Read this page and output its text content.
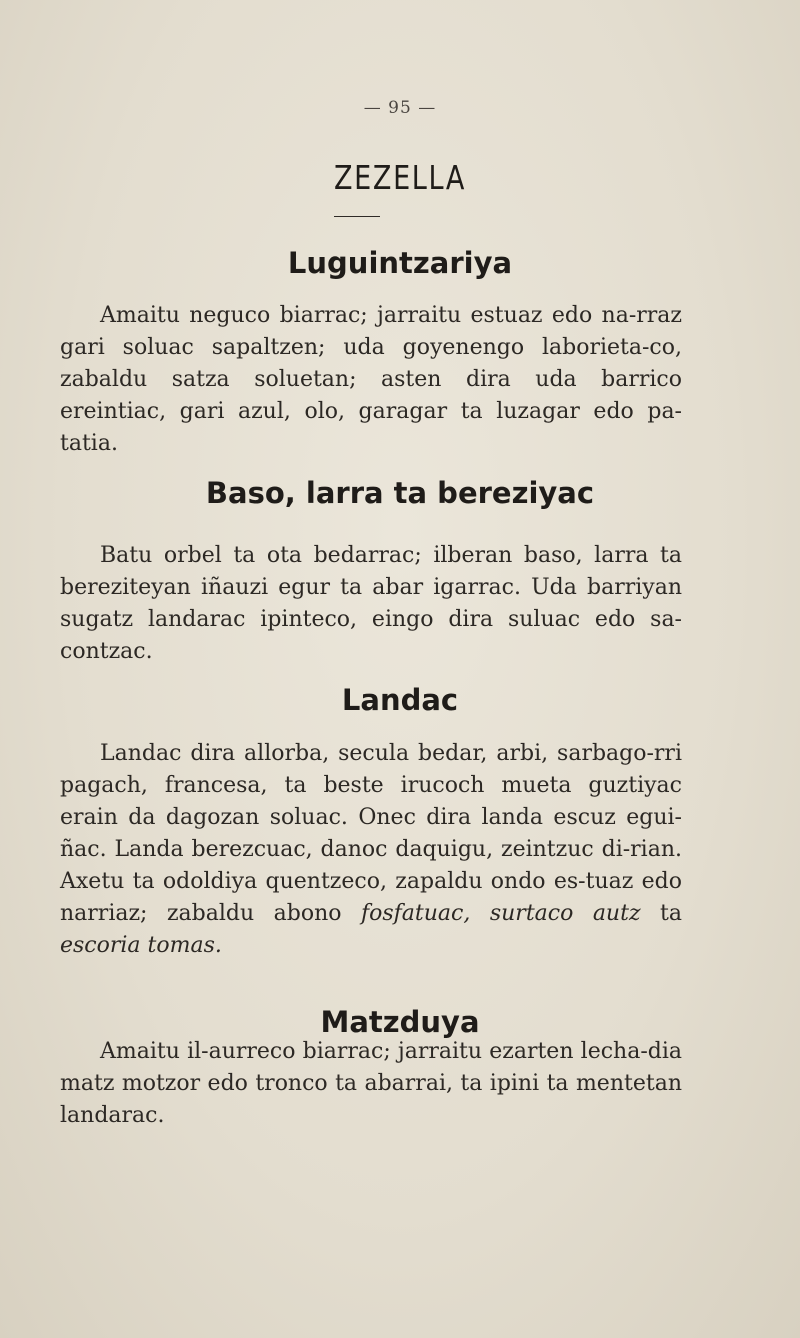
— 95 —
ZEZELLA
Luguintzariya
Amaitu neguco biarrac; jarraitu estuaz edo na-rraz gari soluac sapaltzen; uda goyenengo laborieta-co, zabaldu satza soluetan; asten dira uda barrico ereintiac, gari azul, olo, garagar ta luzagar edo pa-tatia.
Baso, larra ta bereziyac
Batu orbel ta ota bedarrac; ilberan baso, larra ta bereziteyan iñauzi egur ta abar igarrac. Uda barriyan sugatz landarac ipinteco, eingo dira suluac edo sa-contzac.
Landac
Landac dira allorba, secula bedar, arbi, sarbago-rri pagach, francesa, ta beste irucoch mueta guztiyac erain da dagozan soluac. Onec dira landa escuz egui-ñac. Landa berezcuac, danoc daquigu, zeintzuc di-rian. Axetu ta odoldiya quentzeco, zapaldu ondo es-tuaz edo narriaz; zabaldu abono fosfatuac, surtaco autz ta escoria tomas.
Matzduya
Amaitu il-aurreco biarrac; jarraitu ezarten lecha-dia matz motzor edo tronco ta abarrai, ta ipini ta mentetan landarac.
